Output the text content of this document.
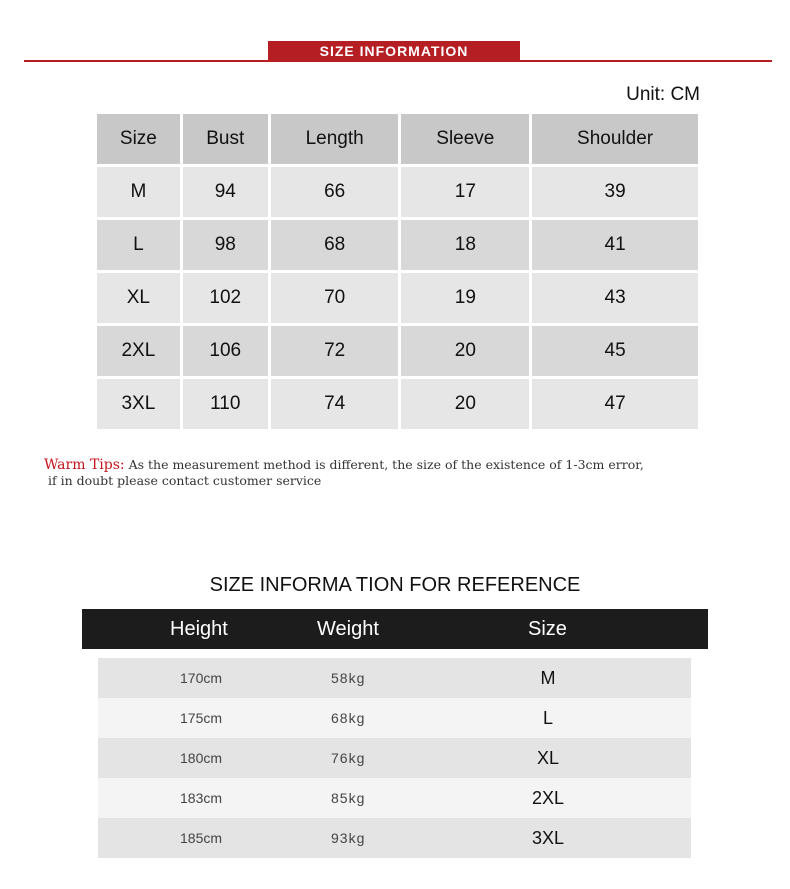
SIZE INFORMATION
Unit: CM
Size	Bust	Length	Sleeve	Shoulder
M	94	66	17	39
L	98	68	18	41
XL	102	70	19	43
2XL	106	72	20	45
3XL	110	74	20	47
Warm Tips: As the measurement method is different, the size of the existence of 1-3cm error,
if in doubt please contact customer service
SIZE INFORMA TION FOR REFERENCE
Height	Weight	Size
170cm	58kg	M
175cm	68kg	L
180cm	76kg	XL
183cm	85kg	2XL
185cm	93kg	3XL
